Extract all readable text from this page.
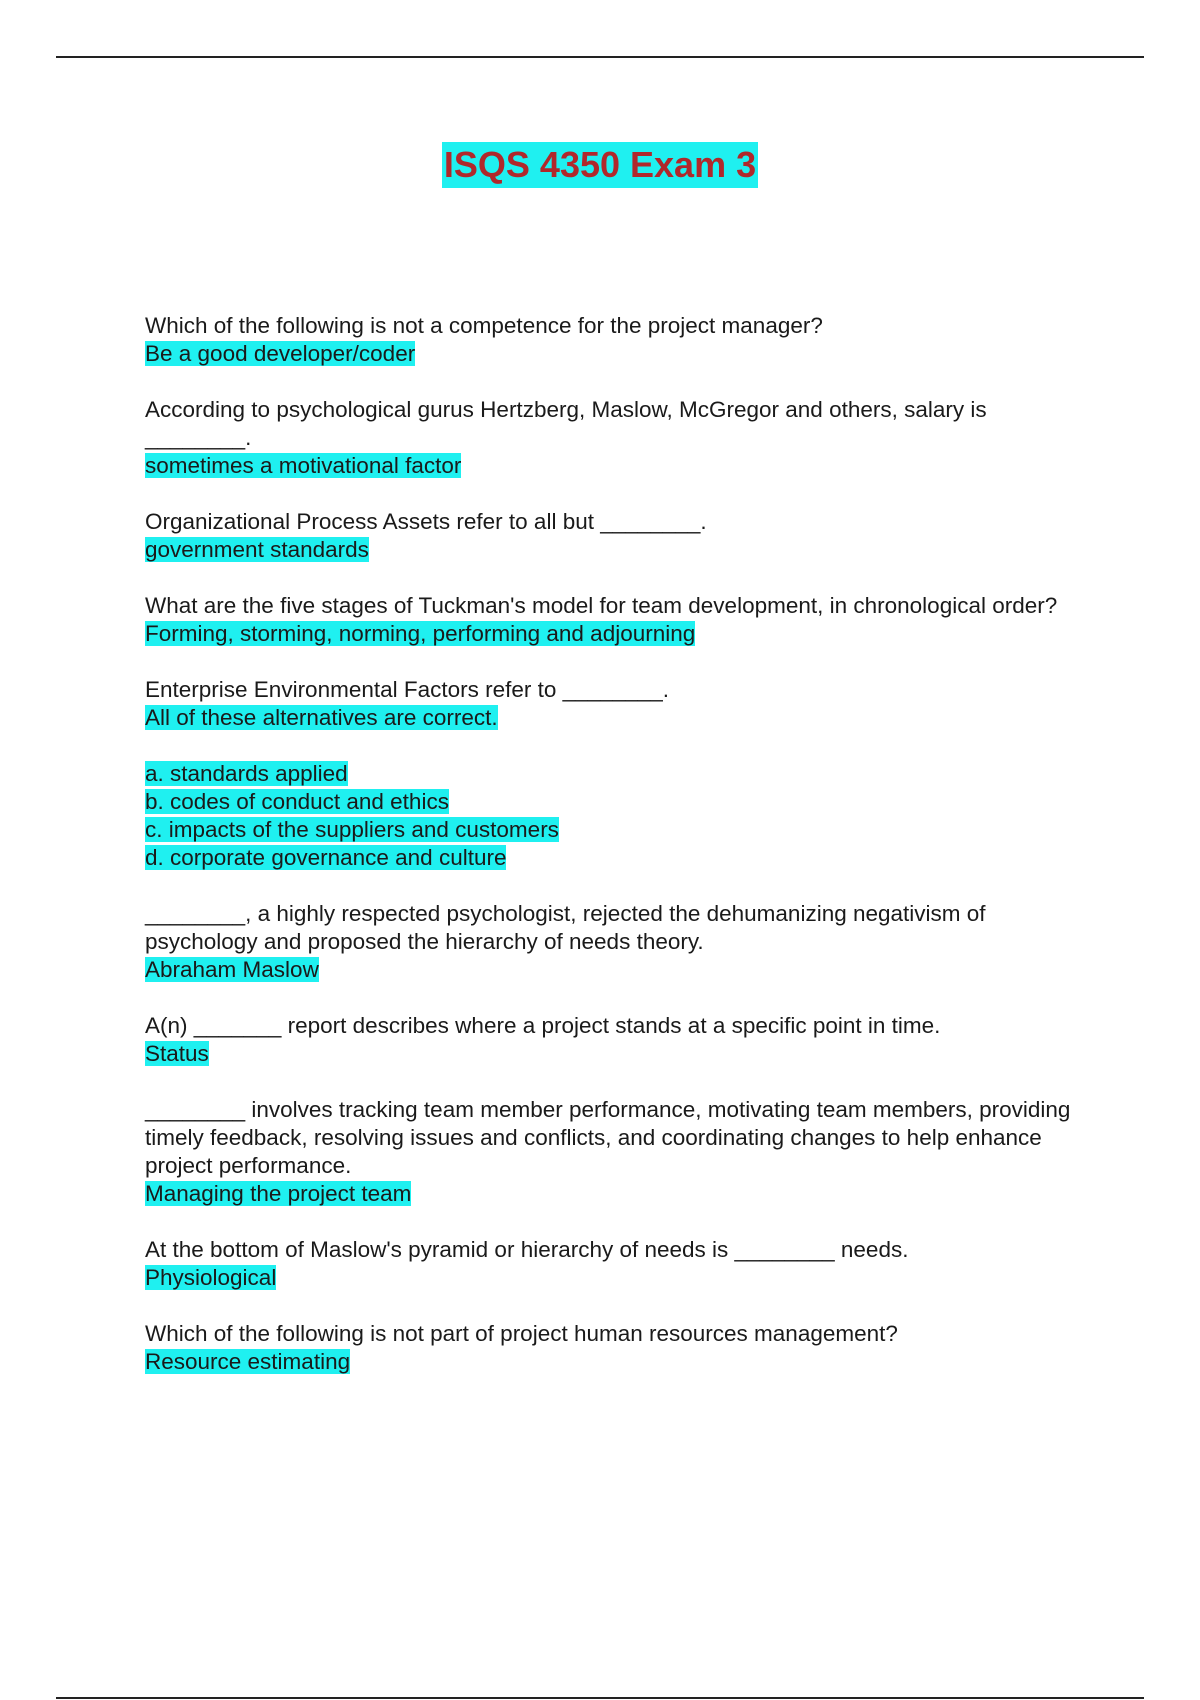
ISQS 4350 Exam 3
Which of the following is not a competence for the project manager?
Be a good developer/coder
According to psychological gurus Hertzberg, Maslow, McGregor and others, salary is ________.
sometimes a motivational factor
Organizational Process Assets refer to all but ________.
government standards
What are the five stages of Tuckman's model for team development, in chronological order?
Forming, storming, norming, performing and adjourning
Enterprise Environmental Factors refer to ________.
All of these alternatives are correct.
a. standards applied
b. codes of conduct and ethics
c. impacts of the suppliers and customers
d. corporate governance and culture
________, a highly respected psychologist, rejected the dehumanizing negativism of psychology and proposed the hierarchy of needs theory.
Abraham Maslow
A(n) _______ report describes where a project stands at a specific point in time.
Status
________ involves tracking team member performance, motivating team members, providing timely feedback, resolving issues and conflicts, and coordinating changes to help enhance project performance.
Managing the project team
At the bottom of Maslow's pyramid or hierarchy of needs is ________ needs.
Physiological
Which of the following is not part of project human resources management?
Resource estimating
